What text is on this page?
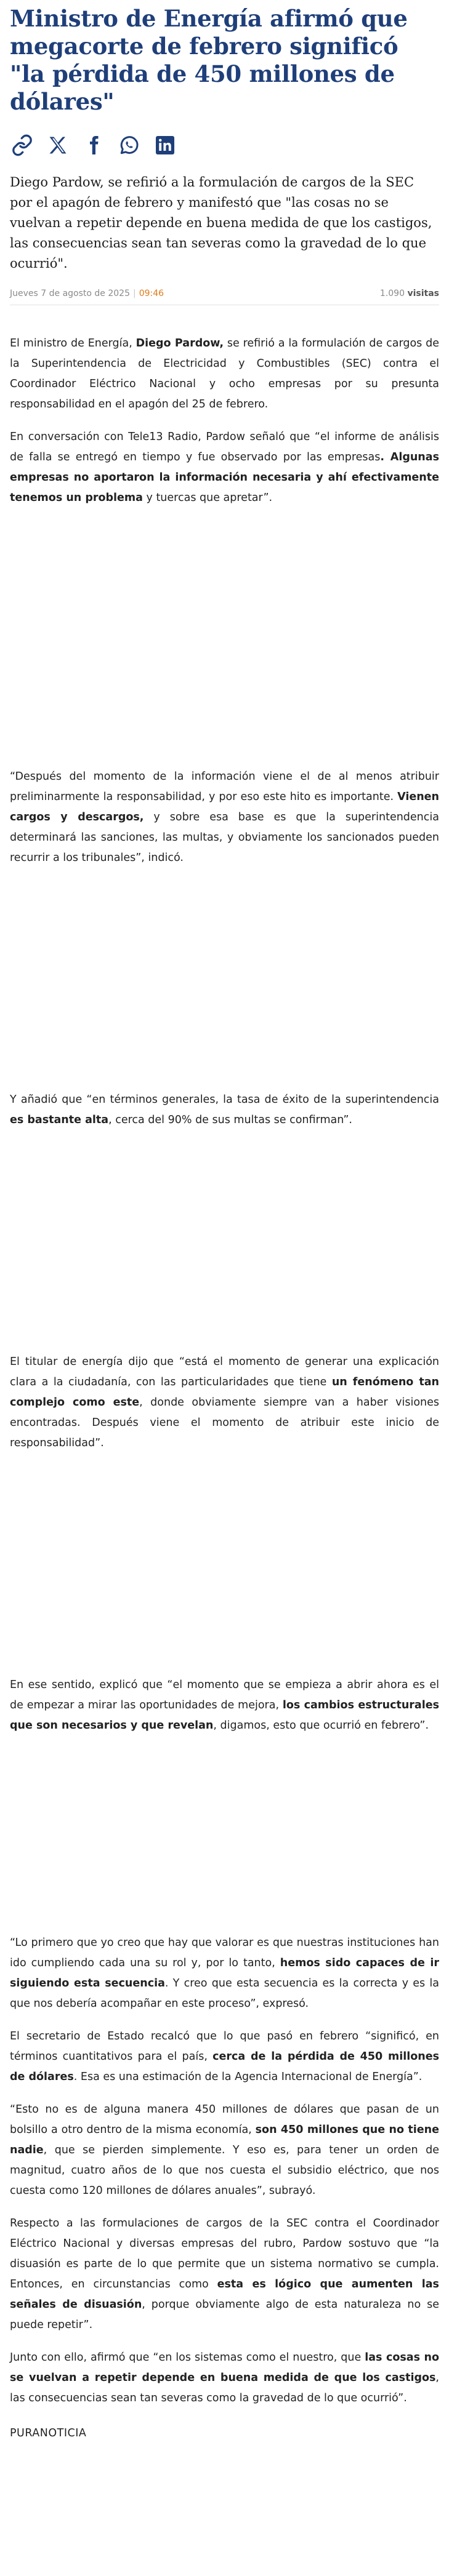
Ministro de Energía afirmó que megacorte de febrero significó "la pérdida de 450 millones de dólares"

Diego Pardow, se refirió a la formulación de cargos de la SEC por el apagón de febrero y manifestó que "las cosas no se vuelvan a repetir depende en buena medida de que los castigos, las consecuencias sean tan severas como la gravedad de lo que ocurrió".

Jueves 7 de agosto de 2025 | 09:46	1.090 visitas

El ministro de Energía, Diego Pardow, se refirió a la formulación de cargos de la Superintendencia de Electricidad y Combustibles (SEC) contra el Coordinador Eléctrico Nacional y ocho empresas por su presunta responsabilidad en el apagón del 25 de febrero.

En conversación con Tele13 Radio, Pardow señaló que “el informe de análisis de falla se entregó en tiempo y fue observado por las empresas. Algunas empresas no aportaron la información necesaria y ahí efectivamente tenemos un problema y tuercas que apretar”.

“Después del momento de la información viene el de al menos atribuir preliminarmente la responsabilidad, y por eso este hito es importante. Vienen cargos y descargos, y sobre esa base es que la superintendencia determinará las sanciones, las multas, y obviamente los sancionados pueden recurrir a los tribunales”, indicó.

Y añadió que “en términos generales, la tasa de éxito de la superintendencia es bastante alta, cerca del 90% de sus multas se confirman”.

El titular de energía dijo que “está el momento de generar una explicación clara a la ciudadanía, con las particularidades que tiene un fenómeno tan complejo como este, donde obviamente siempre van a haber visiones encontradas. Después viene el momento de atribuir este inicio de responsabilidad”.

En ese sentido, explicó que “el momento que se empieza a abrir ahora es el de empezar a mirar las oportunidades de mejora, los cambios estructurales que son necesarios y que revelan, digamos, esto que ocurrió en febrero”.

“Lo primero que yo creo que hay que valorar es que nuestras instituciones han ido cumpliendo cada una su rol y, por lo tanto, hemos sido capaces de ir siguiendo esta secuencia. Y creo que esta secuencia es la correcta y es la que nos debería acompañar en este proceso”, expresó.

El secretario de Estado recalcó que lo que pasó en febrero “significó, en términos cuantitativos para el país, cerca de la pérdida de 450 millones de dólares. Esa es una estimación de la Agencia Internacional de Energía”.

“Esto no es de alguna manera 450 millones de dólares que pasan de un bolsillo a otro dentro de la misma economía, son 450 millones que no tiene nadie, que se pierden simplemente. Y eso es, para tener un orden de magnitud, cuatro años de lo que nos cuesta el subsidio eléctrico, que nos cuesta como 120 millones de dólares anuales”, subrayó.

Respecto a las formulaciones de cargos de la SEC contra el Coordinador Eléctrico Nacional y diversas empresas del rubro, Pardow sostuvo que “la disuasión es parte de lo que permite que un sistema normativo se cumpla. Entonces, en circunstancias como esta es lógico que aumenten las señales de disuasión, porque obviamente algo de esta naturaleza no se puede repetir”.

Junto con ello, afirmó que “en los sistemas como el nuestro, que las cosas no se vuelvan a repetir depende en buena medida de que los castigos, las consecuencias sean tan severas como la gravedad de lo que ocurrió”.

PURANOTICIA
